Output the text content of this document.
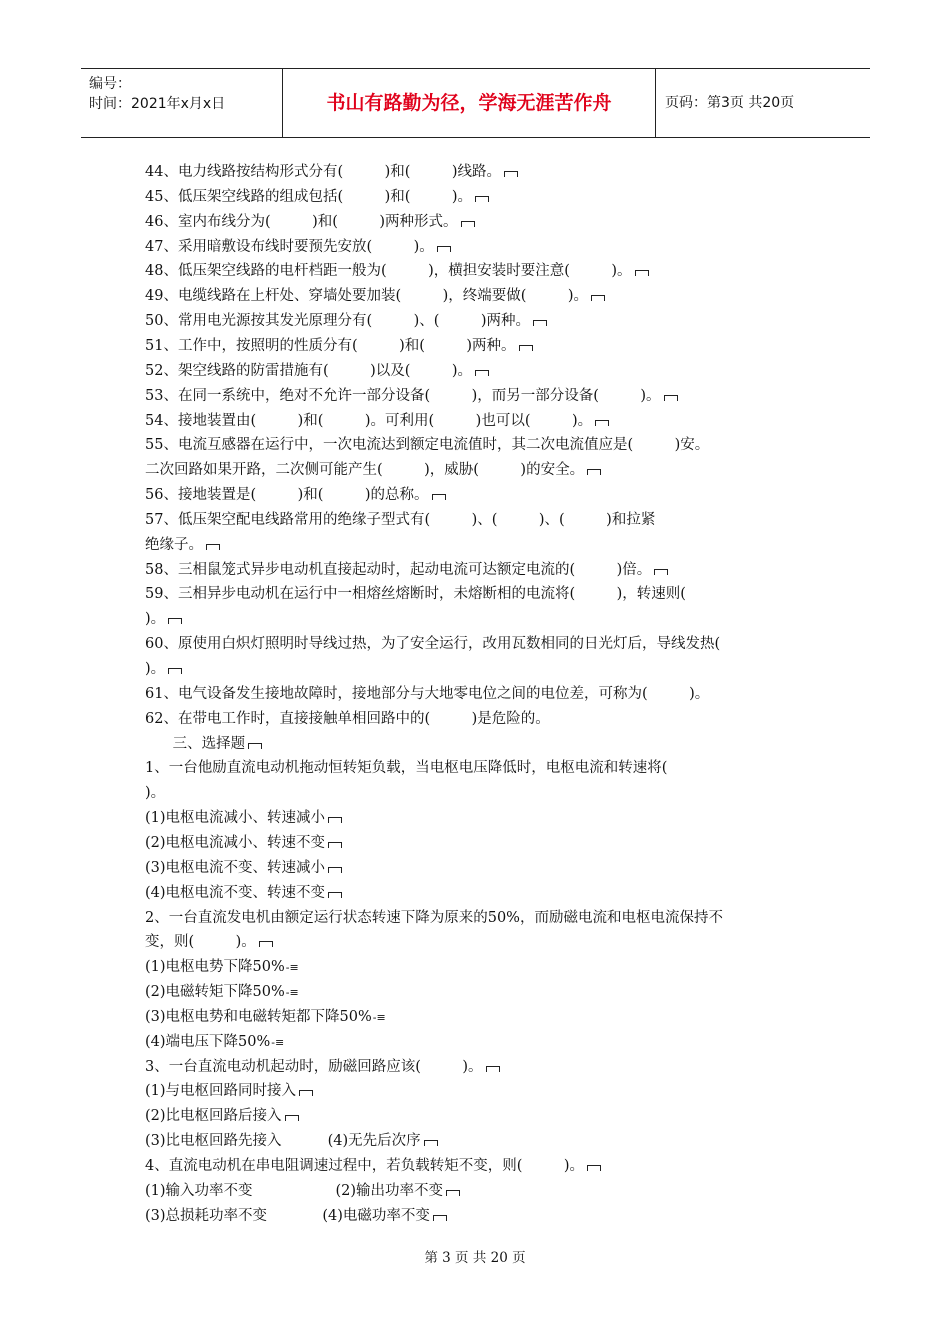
编号：
时间：2021年x月x日	书山有路勤为径，学海无涯苦作舟	页码：第3页 共20页
44、电力线路按结构形式分有(         )和(         )线路。
45、低压架空线路的组成包括(         )和(         )。
46、室内布线分为(         )和(         )两种形式。
47、采用暗敷设布线时要预先安放(         )。
48、低压架空线路的电杆档距一般为(         )，横担安装时要注意(         )。
49、电缆线路在上杆处、穿墙处要加装(         )，终端要做(         )。
50、常用电光源按其发光原理分有(         )、(         )两种。
51、工作中，按照明的性质分有(         )和(         )两种。
52、架空线路的防雷措施有(         )以及(         )。
53、在同一系统中，绝对不允许一部分设备(         )，而另一部分设备(         )。
54、接地装置由(         )和(         )。可利用(         )也可以(         )。
55、电流互感器在运行中，一次电流达到额定电流值时，其二次电流值应是(         )安。
二次回路如果开路，二次侧可能产生(         )，威胁(         )的安全。
56、接地装置是(         )和(         )的总称。
57、低压架空配电线路常用的绝缘子型式有(         )、(         )、(         )和拉紧
绝缘子。
58、三相鼠笼式异步电动机直接起动时，起动电流可达额定电流的(         )倍。
59、三相异步电动机在运行中一相熔丝熔断时，未熔断相的电流将(         )，转速则(
)。
60、原使用白炽灯照明时导线过热，为了安全运行，改用瓦数相同的日光灯后，导线发热(
)。
61、电气设备发生接地故障时，接地部分与大地零电位之间的电位差，可称为(         )。
62、在带电工作时，直接接触单相回路中的(         )是危险的。
三、选择题
1、一台他励直流电动机拖动恒转矩负载，当电枢电压降低时，电枢电流和转速将(
)。
(1)电枢电流减小、转速减小
(2)电枢电流减小、转速不变
(3)电枢电流不变、转速减小
(4)电枢电流不变、转速不变
2、一台直流发电机由额定运行状态转速下降为原来的50%，而励磁电流和电枢电流保持不
变，则(         )。
(1)电枢电势下降50%-≡
(2)电磁转矩下降50%-≡
(3)电枢电势和电磁转矩都下降50%-≡
(4)端电压下降50%-≡
3、一台直流电动机起动时，励磁回路应该(         )。
(1)与电枢回路同时接入
(2)比电枢回路后接入
(3)比电枢回路先接入          (4)无先后次序
4、直流电动机在串电阻调速过程中，若负载转矩不变，则(         )。
(1)输入功率不变                  (2)输出功率不变
(3)总损耗功率不变            (4)电磁功率不变
第 3 页 共 20 页
